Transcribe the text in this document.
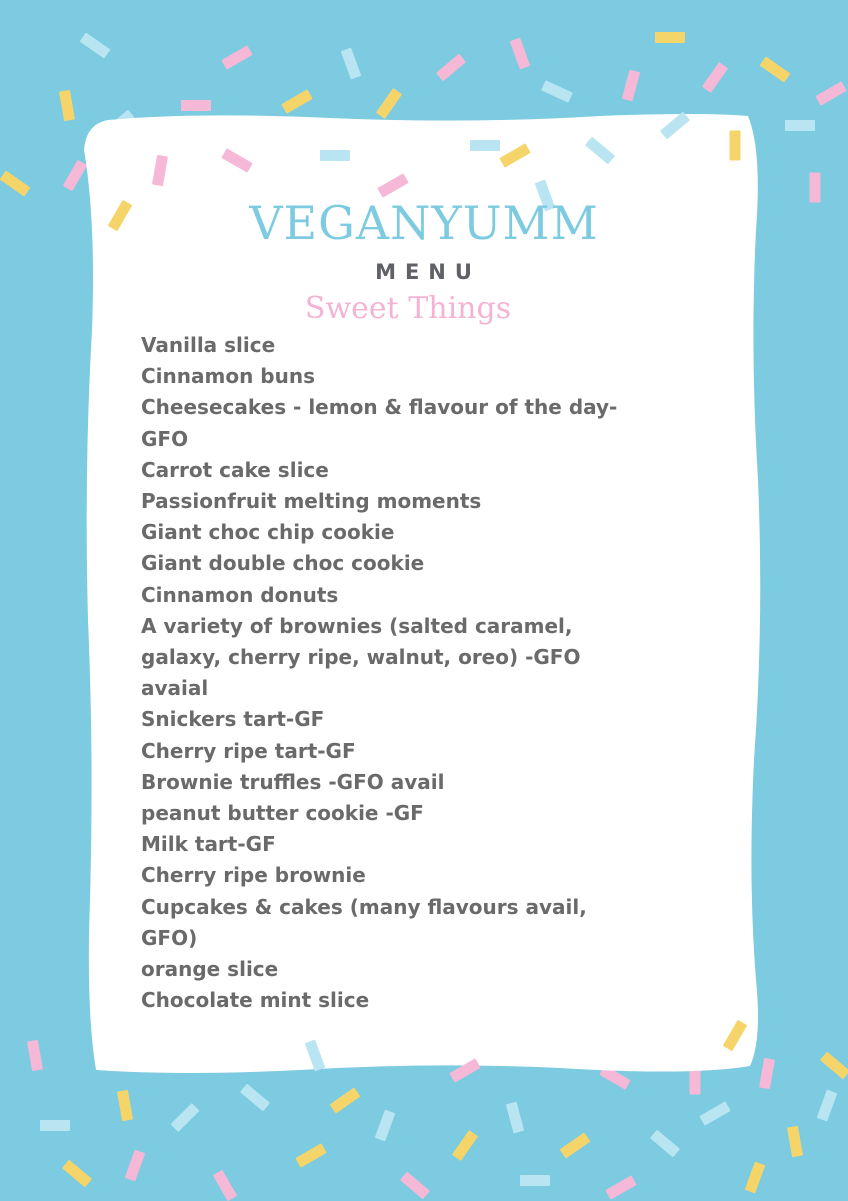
VEGANYUMM
MENU
Sweet Things
Vanilla slice
Cinnamon buns
Cheesecakes - lemon & flavour of the day-GFO
Carrot cake slice
Passionfruit melting moments
Giant choc chip cookie
Giant double choc cookie
Cinnamon donuts
A variety of brownies (salted caramel, galaxy, cherry ripe, walnut, oreo) -GFO avaial
Snickers tart-GF
Cherry ripe tart-GF
Brownie truffles -GFO avail
peanut butter cookie -GF
Milk tart-GF
Cherry ripe brownie
Cupcakes & cakes (many flavours avail, GFO)
orange slice
Chocolate mint slice
